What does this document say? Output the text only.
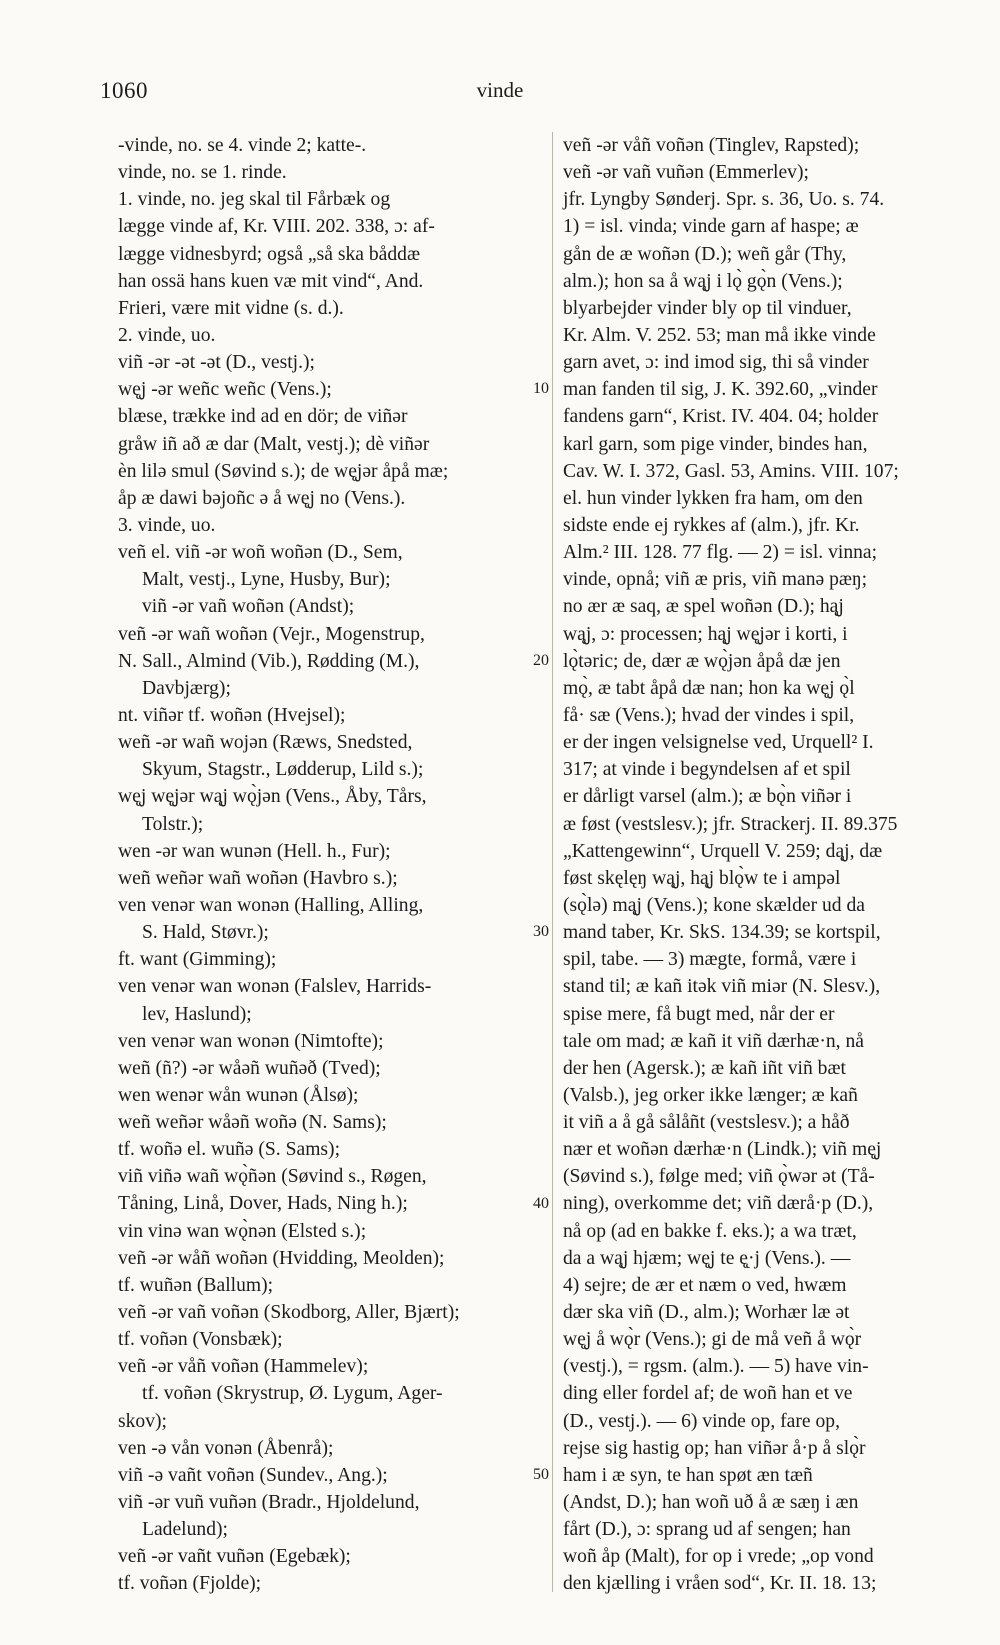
1060	vinde
-vinde, no. se 4. vinde 2; katte-.
vinde, no. se 1. rinde.
1. vinde, no. jeg skal til Fårbæk og
lægge vinde af, Kr. VIII. 202. 338, ɔ: af-
lægge vidnesbyrd; også „så ska båddæ
han ossä hans kuen væ mit vind“, And.
Frieri, være mit vidne (s. d.).
2. vinde, uo.
viñ -ər -ət -ət (D., vestj.);
wę̨j -ər weñc weñc (Vens.);
blæse, trække ind ad en dör; de viñər
gråw iñ að æ dar (Malt, vestj.); dè viñər
èn lilə smul (Søvind s.); de wę̨jər åpå mæ;
åp æ dawi bəjoñc ə å wę̨j no (Vens.).
3. vinde, uo.
veñ el. viñ -ər woñ woñən (D., Sem,
Malt, vestj., Lyne, Husby, Bur);
viñ -ər vañ woñən (Andst);
veñ -ər wañ woñən (Vejr., Mogenstrup,
N. Sall., Almind (Vib.), Rødding (M.),
Davbjærg);
nt. viñər tf. woñən (Hvejsel);
weñ -ər wañ wojən (Ræws, Snedsted,
Skyum, Stagstr., Lødderup, Lild s.);
wę̨j wę̨jər wą̨j wǫ̀jən (Vens., Åby, Tårs,
Tolstr.);
wen -ər wan wunən (Hell. h., Fur);
weñ weñər wañ woñən (Havbro s.);
ven venər wan wonən (Halling, Alling,
S. Hald, Støvr.);
ft. want (Gimming);
ven venər wan wonən (Falslev, Harrids-
lev, Haslund);
ven venər wan wonən (Nimtofte);
weñ (ñ?) -ər wåəñ wuñəð (Tved);
wen wenər wån wunən (Ålsø);
weñ weñər wåəñ woñə (N. Sams);
tf. woñə el. wuñə (S. Sams);
viñ viñə wañ wǫ̀ñən (Søvind s., Røgen,
Tåning, Linå, Dover, Hads, Ning h.);
vin vinə wan wǫ̀nən (Elsted s.);
veñ -ər wåñ woñən (Hvidding, Meolden);
tf. wuñən (Ballum);
veñ -ər vañ voñən (Skodborg, Aller, Bjært);
tf. voñən (Vonsbæk);
veñ -ər våñ voñən (Hammelev);
tf. voñən (Skrystrup, Ø. Lygum, Ager-
skov);
ven -ə vån vonən (Åbenrå);
viñ -ə vañt voñən (Sundev., Ang.);
viñ -ər vuñ vuñən (Bradr., Hjoldelund,
Ladelund);
veñ -ər vañt vuñən (Egebæk);
tf. voñən (Fjolde);
10
20
30
40
50
veñ -ər våñ voñən (Tinglev, Rapsted);
veñ -ər vañ vuñən (Emmerlev);
jfr. Lyngby Sønderj. Spr. s. 36, Uo. s. 74.
1) = isl. vinda; vinde garn af haspe; æ
gån de æ woñən (D.); weñ går (Thy,
alm.); hon sa å wą̨j i lǫ̀ gǫ̀n (Vens.);
blyarbejder vinder bly op til vinduer,
Kr. Alm. V. 252. 53; man må ikke vinde
garn avet, ɔ: ind imod sig, thi så vinder
man fanden til sig, J. K. 392.60, „vinder
fandens garn“, Krist. IV. 404. 04; holder
karl garn, som pige vinder, bindes han,
Cav. W. I. 372, Gasl. 53, Amins. VIII. 107;
el. hun vinder lykken fra ham, om den
sidste ende ej rykkes af (alm.), jfr. Kr.
Alm.² III. 128. 77 flg. — 2) = isl. vinna;
vinde, opnå; viñ æ pris, viñ manə pæŋ;
no ær æ saq, æ spel woñən (D.); hą̨j
wą̨j, ɔ: processen; hą̨j wę̨jər i korti, i
lǫ̀təric; de, dær æ wǫ̀jən åpå dæ jen
mǫ̀, æ tabt åpå dæ nan; hon ka wę̨j ǫ̀l
få· sæ (Vens.); hvad der vindes i spil,
er der ingen velsignelse ved, Urquell² I.
317; at vinde i begyndelsen af et spil
er dårligt varsel (alm.); æ bǫ̀n viñər i
æ føst (vestslesv.); jfr. Strackerj. II. 89.375
„Kattengewinn“, Urquell V. 259; dą̨j, dæ
føst skęlęŋ wą̨j, hą̨j blǫ̀w te i ampəl
(sǫ̀lə) mą̨j (Vens.); kone skælder ud da
mand taber, Kr. SkS. 134.39; se kortspil,
spil, tabe. — 3) mægte, formå, være i
stand til; æ kañ itək viñ miər (N. Slesv.),
spise mere, få bugt med, når der er
tale om mad; æ kañ it viñ dærhæ·n, nå
der hen (Agersk.); æ kañ iñt viñ bæt
(Valsb.), jeg orker ikke længer; æ kañ
it viñ a å gå sålåñt (vestslesv.); a håð
nær et woñən dærhæ·n (Lindk.); viñ mę̨j
(Søvind s.), følge med; viñ ǫ̀wər ət (Tå-
ning), overkomme det; viñ dærå·p (D.),
nå op (ad en bakke f. eks.); a wa træt,
da a wą̨j hjæm; wę̨j te ę̨·j (Vens.). —
4) sejre; de ær et næm o ved, hwæm
dær ska viñ (D., alm.); Worhær læ ət
wę̨j å wǫ̀r (Vens.); gi de må veñ å wǫ̀r
(vestj.), = rgsm. (alm.). — 5) have vin-
ding eller fordel af; de woñ han et ve
(D., vestj.). — 6) vinde op, fare op,
rejse sig hastig op; han viñər å·p å slǫ̀r
ham i æ syn, te han spøt æn tæñ
(Andst, D.); han woñ uð å æ sæŋ i æn
fårt (D.), ɔ: sprang ud af sengen; han
woñ åp (Malt), for op i vrede; „op vond
den kjælling i vråen sod“, Kr. II. 18. 13;
